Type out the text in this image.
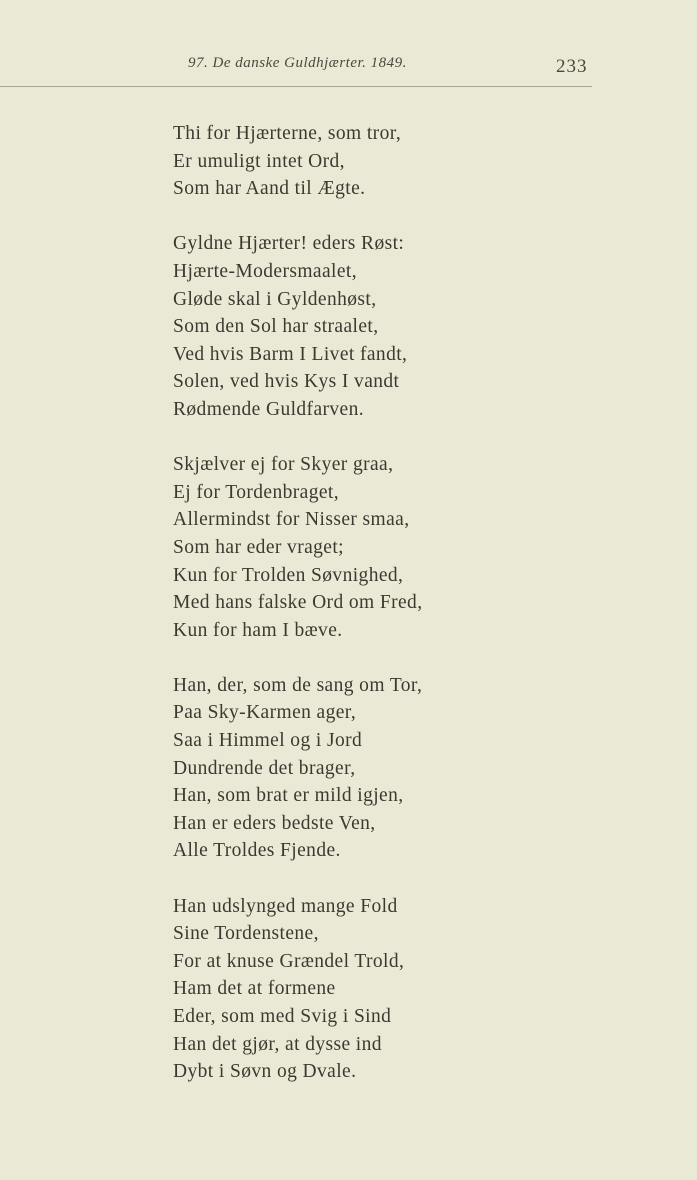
97. De danske Guldhjærter. 1849.	233
Thi for Hjærterne, som tror,
Er umuligt intet Ord,
Som har Aand til Ægte.
Gyldne Hjærter! eders Røst:
Hjærte-Modersmaalet,
Gløde skal i Gyldenhøst,
Som den Sol har straalet,
Ved hvis Barm I Livet fandt,
Solen, ved hvis Kys I vandt
Rødmende Guldfarven.
Skjælver ej for Skyer graa,
Ej for Tordenbraget,
Allermindst for Nisser smaa,
Som har eder vraget;
Kun for Trolden Søvnighed,
Med hans falske Ord om Fred,
Kun for ham I bæve.
Han, der, som de sang om Tor,
Paa Sky-Karmen ager,
Saa i Himmel og i Jord
Dundrende det brager,
Han, som brat er mild igjen,
Han er eders bedste Ven,
Alle Troldes Fjende.
Han udslynged mange Fold
Sine Tordenstene,
For at knuse Grændel Trold,
Ham det at formene
Eder, som med Svig i Sind
Han det gjør, at dysse ind
Dybt i Søvn og Dvale.
